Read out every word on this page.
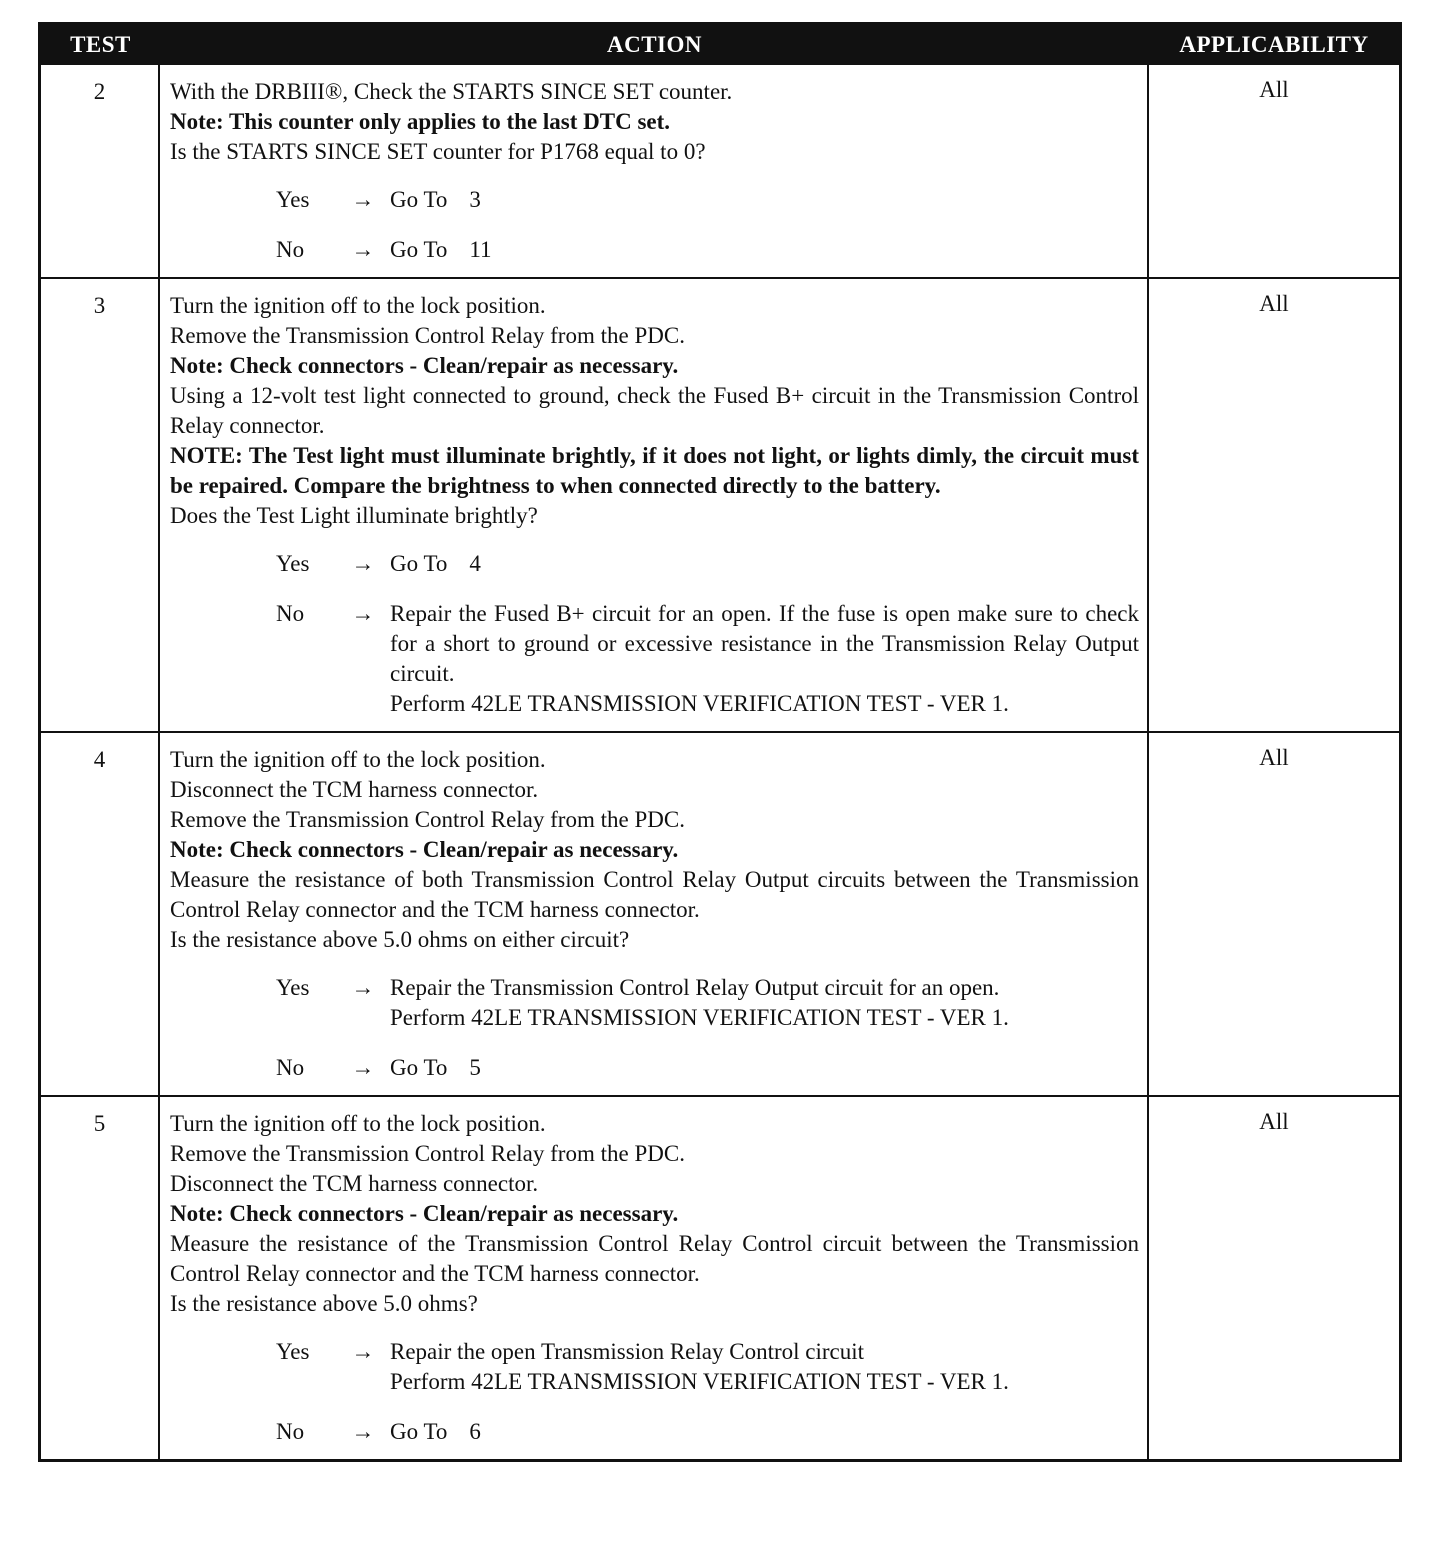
TEST	ACTION	APPLICABILITY
2	With the DRBIII®, Check the STARTS SINCE SET counter.
Note: This counter only applies to the last DTC set.
Is the STARTS SINCE SET counter for P1768 equal to 0?
Yes	→ Go To 3
No	→ Go To 11
All
3	Turn the ignition off to the lock position.
Remove the Transmission Control Relay from the PDC.
Note: Check connectors - Clean/repair as necessary.
Using a 12-volt test light connected to ground, check the Fused B+ circuit in the Transmission Control Relay connector.
NOTE: The Test light must illuminate brightly, if it does not light, or lights dimly, the circuit must be repaired. Compare the brightness to when connected directly to the battery.
Does the Test Light illuminate brightly?
Yes	→ Go To 4
No	→ Repair the Fused B+ circuit for an open. If the fuse is open make sure to check for a short to ground or excessive resistance in the Transmission Relay Output circuit.
Perform 42LE TRANSMISSION VERIFICATION TEST - VER 1.
All
4	Turn the ignition off to the lock position.
Disconnect the TCM harness connector.
Remove the Transmission Control Relay from the PDC.
Note: Check connectors - Clean/repair as necessary.
Measure the resistance of both Transmission Control Relay Output circuits between the Transmission Control Relay connector and the TCM harness connector.
Is the resistance above 5.0 ohms on either circuit?
Yes	→ Repair the Transmission Control Relay Output circuit for an open.
Perform 42LE TRANSMISSION VERIFICATION TEST - VER 1.
No	→ Go To 5
All
5	Turn the ignition off to the lock position.
Remove the Transmission Control Relay from the PDC.
Disconnect the TCM harness connector.
Note: Check connectors - Clean/repair as necessary.
Measure the resistance of the Transmission Control Relay Control circuit between the Transmission Control Relay connector and the TCM harness connector.
Is the resistance above 5.0 ohms?
Yes	→ Repair the open Transmission Relay Control circuit
Perform 42LE TRANSMISSION VERIFICATION TEST - VER 1.
No	→ Go To 6
All
